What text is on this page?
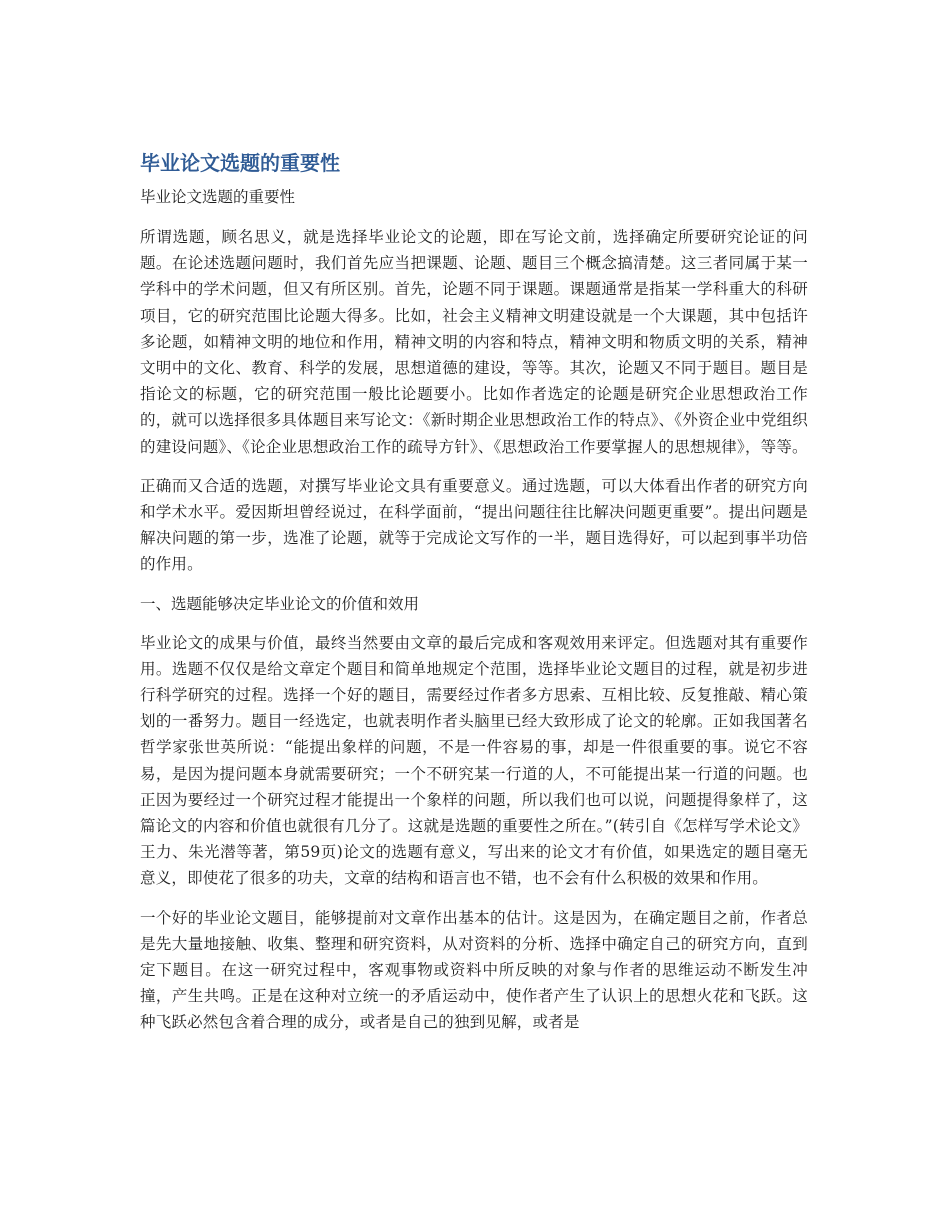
毕业论文选题的重要性
毕业论文选题的重要性

所谓选题，顾名思义，就是选择毕业论文的论题，即在写论文前，选择确定所要研究论证的问题。在论述选题问题时，我们首先应当把课题、论题、题目三个概念搞清楚。这三者同属于某一学科中的学术问题，但又有所区别。首先，论题不同于课题。课题通常是指某一学科重大的科研项目，它的研究范围比论题大得多。比如，社会主义精神文明建设就是一个大课题，其中包括许多论题，如精神文明的地位和作用，精神文明的内容和特点，精神文明和物质文明的关系，精神文明中的文化、教育、科学的发展，思想道德的建设，等等。其次，论题又不同于题目。题目是指论文的标题，它的研究范围一般比论题要小。比如作者选定的论题是研究企业思想政治工作的，就可以选择很多具体题目来写论文：《新时期企业思想政治工作的特点》、《外资企业中党组织的建设问题》、《论企业思想政治工作的疏导方针》、《思想政治工作要掌握人的思想规律》，等等。

正确而又合适的选题，对撰写毕业论文具有重要意义。通过选题，可以大体看出作者的研究方向和学术水平。爱因斯坦曾经说过，在科学面前，“提出问题往往比解决问题更重要”。提出问题是解决问题的第一步，选准了论题，就等于完成论文写作的一半，题目选得好，可以起到事半功倍的作用。

一、选题能够决定毕业论文的价值和效用

毕业论文的成果与价值，最终当然要由文章的最后完成和客观效用来评定。但选题对其有重要作用。选题不仅仅是给文章定个题目和简单地规定个范围，选择毕业论文题目的过程，就是初步进行科学研究的过程。选择一个好的题目，需要经过作者多方思索、互相比较、反复推敲、精心策划的一番努力。题目一经选定，也就表明作者头脑里已经大致形成了论文的轮廓。正如我国著名哲学家张世英所说：“能提出象样的问题，不是一件容易的事，却是一件很重要的事。说它不容易，是因为提问题本身就需要研究；一个不研究某一行道的人，不可能提出某一行道的问题。也正因为要经过一个研究过程才能提出一个象样的问题，所以我们也可以说，问题提得象样了，这篇论文的内容和价值也就很有几分了。这就是选题的重要性之所在。”(转引自《怎样写学术论文》王力、朱光潜等著，第59页)论文的选题有意义，写出来的论文才有价值，如果选定的题目毫无意义，即使花了很多的功夫，文章的结构和语言也不错，也不会有什么积极的效果和作用。

一个好的毕业论文题目，能够提前对文章作出基本的估计。这是因为，在确定题目之前，作者总是先大量地接触、收集、整理和研究资料，从对资料的分析、选择中确定自己的研究方向，直到定下题目。在这一研究过程中，客观事物或资料中所反映的对象与作者的思维运动不断发生冲撞，产生共鸣。正是在这种对立统一的矛盾运动中，使作者产生了认识上的思想火花和飞跃。这种飞跃必然包含着合理的成分，或者是自己的独到见解，或者是
